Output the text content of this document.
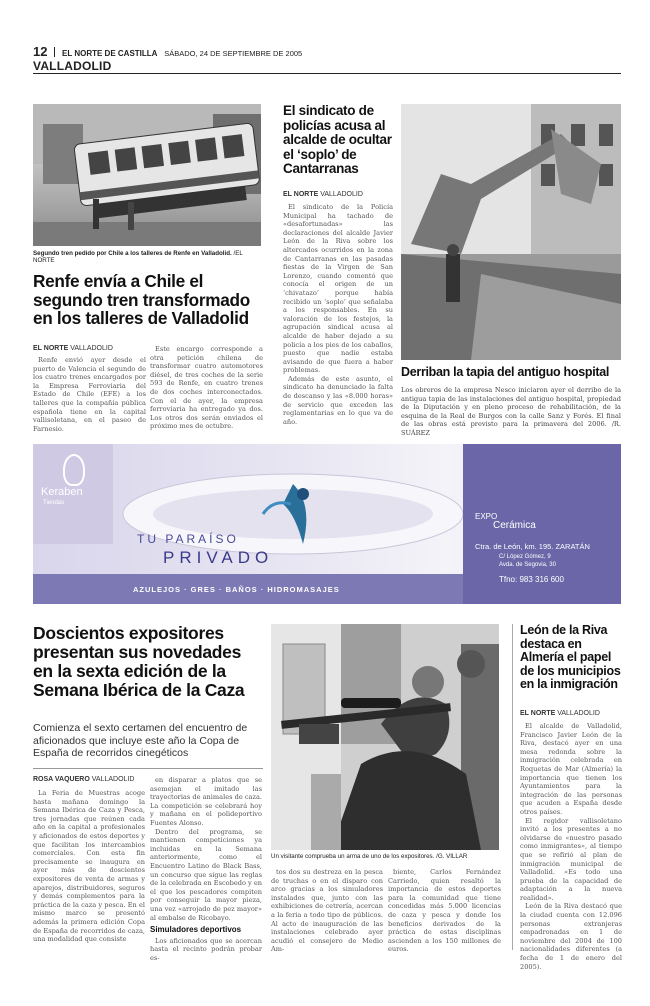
12 EL NORTE DE CASTILLA SÁBADO, 24 DE SEPTIEMBRE DE 2005
VALLADOLID
Segundo tren pedido por Chile a los talleres de Renfe en Valladolid. /EL NORTE
Renfe envía a Chile el segundo tren transformado en los talleres de Valladolid
EL NORTE VALLADOLID

Renfe envió ayer desde el puerto de Valencia el segundo de los cuatro trenes encargados por la Empresa Ferroviaria del Estado de Chile (EFE) a los talleres que la compañía pública española tiene en la capital vallisoletana, en el paseo de Farnesio.

Este encargo corresponde a otra petición chilena de transformar cuatro automotores diésel, de tres coches de la serie 593 de Renfe, en cuatro trenes de dos coches interconectados. Con el de ayer, la empresa ferroviaria ha entregado ya dos. Los otros dos serán enviados el próximo mes de octubre.

El sindicato de policías acusa al alcalde de ocultar el ‘soplo’ de Cantarranas
EL NORTE VALLADOLID

El sindicato de la Policía Municipal ha tachado de «desafortunadas» las declaraciones del alcalde Javier León de la Riva sobre los altercados ocurridos en la zona de Cantarranas en las pasadas fiestas de la Virgen de San Lorenzo, cuando comentó que conocía el origen de un ‘chivatazo’ porque había recibido un ‘soplo’ que señalaba a los responsables. En su valoración de los festejos, la agrupación sindical acusa al alcalde de haber dejado a su policía a los pies de los caballos, puesto que nadie estaba avisando de que fuera a haber problemas.

Además de este asunto, el sindicato ha denunciado la falta de descanso y las «8.000 horas» de servicio que exceden las reglamentarias en lo que va de año.

Derriban la tapia del antiguo hospital
Los obreros de la empresa Nesco iniciaron ayer el derribo de la antigua tapia de las instalaciones del antiguo hospital, propiedad de la Diputación y en pleno proceso de rehabilitación, de la esquina de la Real de Burgos con la calle Sanz y Forés. El final de las obras está previsto para la primavera del 2006. /R. SUÁREZ
Keraben
Tiendas
TU PARAÍSO
PRIVADO
AZULEJOS · GRES · BAÑOS · HIDROMASAJES
EXPO
Cerámica
Ctra. de León, km. 195. ZARATÁN
C/ López Gómez, 9
Avda. de Segovia, 30
Tfno: 983 316 600
Doscientos expositores presentan sus novedades en la sexta edición de la Semana Ibérica de la Caza
Comienza el sexto certamen del encuentro de aficionados que incluye este año la Copa de España de recorridos cinegéticos
ROSA VAQUERO VALLADOLID

La Feria de Muestras acoge hasta mañana domingo la Semana Ibérica de Caza y Pesca, tres jornadas que reúnen cada año en la capital a profesionales y aficionados de estos deportes y que facilitan los intercambios comerciales. Con esta fin precisamente se inaugura en ayer más de doscientos expositores de venta de armas y aparejos, distribuidores, seguros y demás complementos para la práctica de la caza y pesca. En el mismo marco se presentó además la primera edición Copa de España de recorridos de caza, una modalidad que consiste

en disparar a platos que se asemejan el imitado las trayectorias de animales de caza. La competición se celebrará hoy y mañana en el polideportivo Fuentes Alonso.

Dentro del programa, se mantienen competiciones ya incluidas en la Semana anteriormente, como el Encuentro Latino de Black Bass, un concurso que sigue las reglas de la celebrada en Escobedo y en el que los pescadores compiten por conseguir la mayor pieza, una vez «arrojado de pez mayor» al embalse de Ricobayo.

Simuladores deportivos

Los aficionados que se acercan hasta el recinto podrán probar es-

Un visitante comprueba un arma de uno de los expositores. /G. VILLAR

tos dos su destreza en la pesca de truchas o en el disparo con arco gracias a los simuladores instalados que, junto con las exhibiciones de cetrería, acercan a la feria a todo tipo de públicos. Al acto de inauguración de las instalaciones celebrado ayer acudió el consejero de Medio Am-

biente, Carlos Fernández Carriedo, quien resaltó la importancia de estos deportes para la comunidad que tiene concedidas más 5.000 licencias de caza y pesca y donde los beneficios derivados de la práctica de estas disciplinas ascienden a los 150 millones de euros.

León de la Riva destaca en Almería el papel de los municipios en la inmigración
EL NORTE VALLADOLID

El alcalde de Valladolid, Francisco Javier León de la Riva, destacó ayer en una mesa redonda sobre la inmigración celebrada en Roquetas de Mar (Almería) la importancia que tienen los Ayuntamientos para la integración de las personas que acuden a España desde otros países.

El regidor vallisoletano invitó a los presentes a no olvidarse de «nuestro pasado como inmigrantes», al tiempo que se refirió al plan de inmigración municipal de Valladolid. «Es todo una prueba de la capacidad de adaptación a la nueva realidad».

León de la Riva destacó que la ciudad cuenta con 12.096 personas extranjeras empadronadas en 1 de noviembre del 2004 de 100 nacionalidades diferentes (a fecha de 1 de enero del 2005).
